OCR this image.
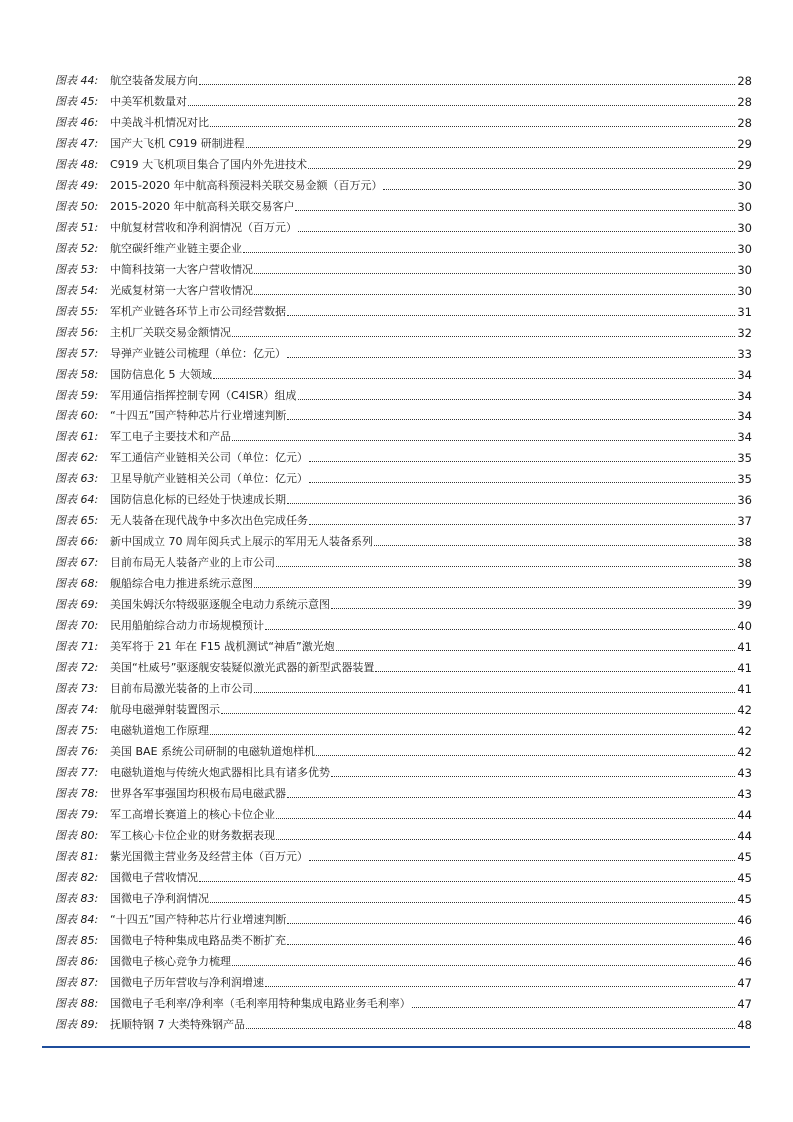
图表 44:	航空装备发展方向	28
图表 45:	中美军机数量对	28
图表 46:	中美战斗机情况对比	28
图表 47:	国产大飞机 C919 研制进程	29
图表 48:	C919 大飞机项目集合了国内外先进技术	29
图表 49:	2015-2020 年中航高科预浸料关联交易金额（百万元）	30
图表 50:	2015-2020 年中航高科关联交易客户	30
图表 51:	中航复材营收和净利润情况（百万元）	30
图表 52:	航空碳纤维产业链主要企业	30
图表 53:	中简科技第一大客户营收情况	30
图表 54:	光威复材第一大客户营收情况	30
图表 55:	军机产业链各环节上市公司经营数据	31
图表 56:	主机厂关联交易金额情况	32
图表 57:	导弹产业链公司梳理（单位：亿元）	33
图表 58:	国防信息化 5 大领域	34
图表 59:	军用通信指挥控制专网（C4ISR）组成	34
图表 60:	“十四五”国产特种芯片行业增速判断	34
图表 61:	军工电子主要技术和产品	34
图表 62:	军工通信产业链相关公司（单位：亿元）	35
图表 63:	卫星导航产业链相关公司（单位：亿元）	35
图表 64:	国防信息化标的已经处于快速成长期	36
图表 65:	无人装备在现代战争中多次出色完成任务	37
图表 66:	新中国成立 70 周年阅兵式上展示的军用无人装备系列	38
图表 67:	目前布局无人装备产业的上市公司	38
图表 68:	舰船综合电力推进系统示意图	39
图表 69:	美国朱姆沃尔特级驱逐舰全电动力系统示意图	39
图表 70:	民用船舶综合动力市场规模预计	40
图表 71:	美军将于 21 年在 F15 战机测试“神盾”激光炮	41
图表 72:	美国“杜威号”驱逐舰安装疑似激光武器的新型武器装置	41
图表 73:	目前布局激光装备的上市公司	41
图表 74:	航母电磁弹射装置图示	42
图表 75:	电磁轨道炮工作原理	42
图表 76:	美国 BAE 系统公司研制的电磁轨道炮样机	42
图表 77:	电磁轨道炮与传统火炮武器相比具有诸多优势	43
图表 78:	世界各军事强国均积极布局电磁武器	43
图表 79:	军工高增长赛道上的核心卡位企业	44
图表 80:	军工核心卡位企业的财务数据表现	44
图表 81:	紫光国微主营业务及经营主体（百万元）	45
图表 82:	国微电子营收情况	45
图表 83:	国微电子净利润情况	45
图表 84:	“十四五”国产特种芯片行业增速判断	46
图表 85:	国微电子特种集成电路品类不断扩充	46
图表 86:	国微电子核心竞争力梳理	46
图表 87:	国微电子历年营收与净利润增速	47
图表 88:	国微电子毛利率/净利率（毛利率用特种集成电路业务毛利率）	47
图表 89:	抚顺特钢 7 大类特殊钢产品	48
